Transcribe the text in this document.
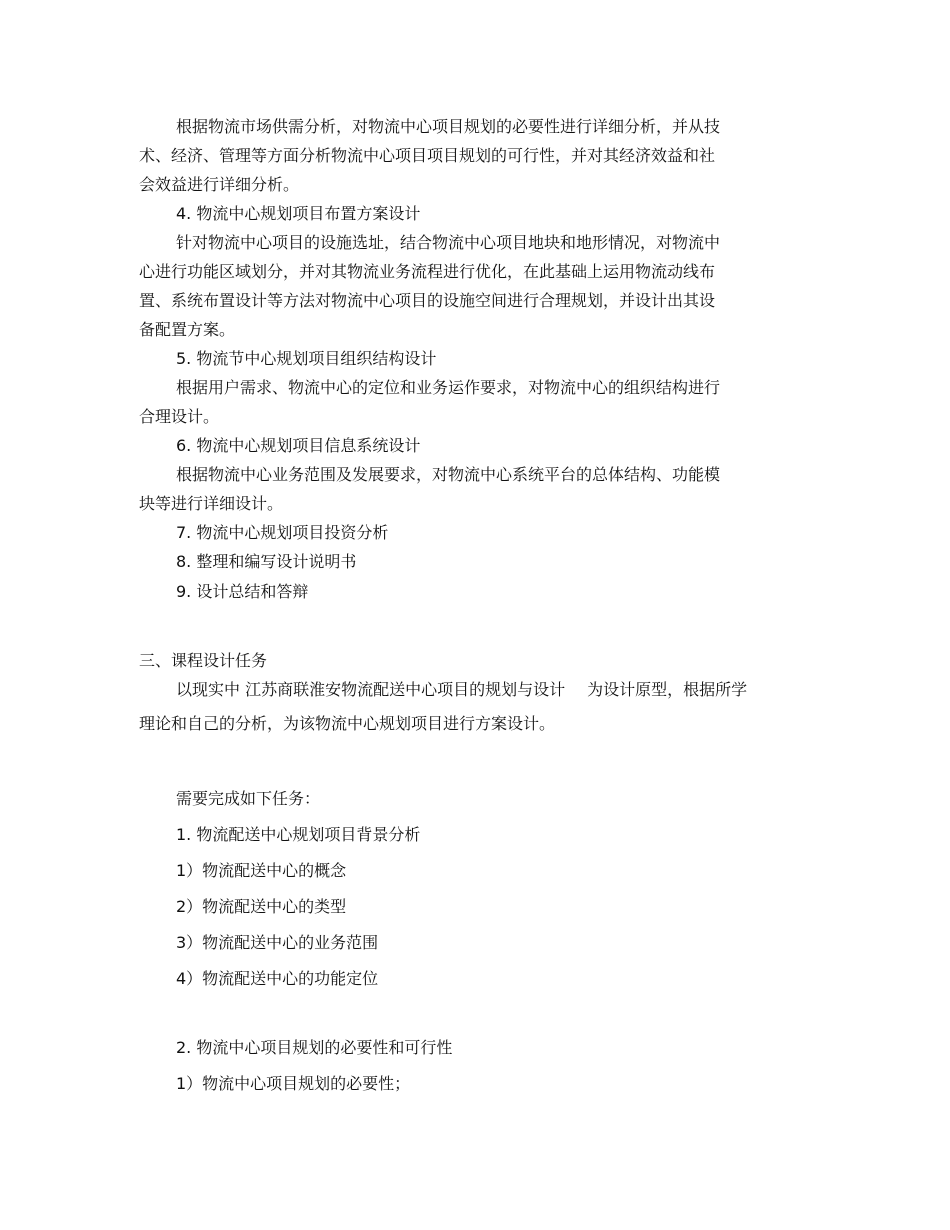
根据物流市场供需分析，对物流中心项目规划的必要性进行详细分析，并从技

术、经济、管理等方面分析物流中心项目项目规划的可行性，并对其经济效益和社

会效益进行详细分析。

4. 物流中心规划项目布置方案设计

针对物流中心项目的设施选址，结合物流中心项目地块和地形情况，对物流中

心进行功能区域划分，并对其物流业务流程进行优化，在此基础上运用物流动线布

置、系统布置设计等方法对物流中心项目的设施空间进行合理规划，并设计出其设

备配置方案。

5. 物流节中心规划项目组织结构设计

根据用户需求、物流中心的定位和业务运作要求，对物流中心的组织结构进行

合理设计。

6. 物流中心规划项目信息系统设计

根据物流中心业务范围及发展要求，对物流中心系统平台的总体结构、功能模

块等进行详细设计。

7. 物流中心规划项目投资分析

8. 整理和编写设计说明书

9. 设计总结和答辩

三、课程设计任务

以现实中 江苏商联淮安物流配送中心项目的规划与设计 为设计原型，根据所学

理论和自己的分析，为该物流中心规划项目进行方案设计。

需要完成如下任务：

1. 物流配送中心规划项目背景分析

1）物流配送中心的概念

2）物流配送中心的类型

3）物流配送中心的业务范围

4）物流配送中心的功能定位

2. 物流中心项目规划的必要性和可行性

1）物流中心项目规划的必要性；
